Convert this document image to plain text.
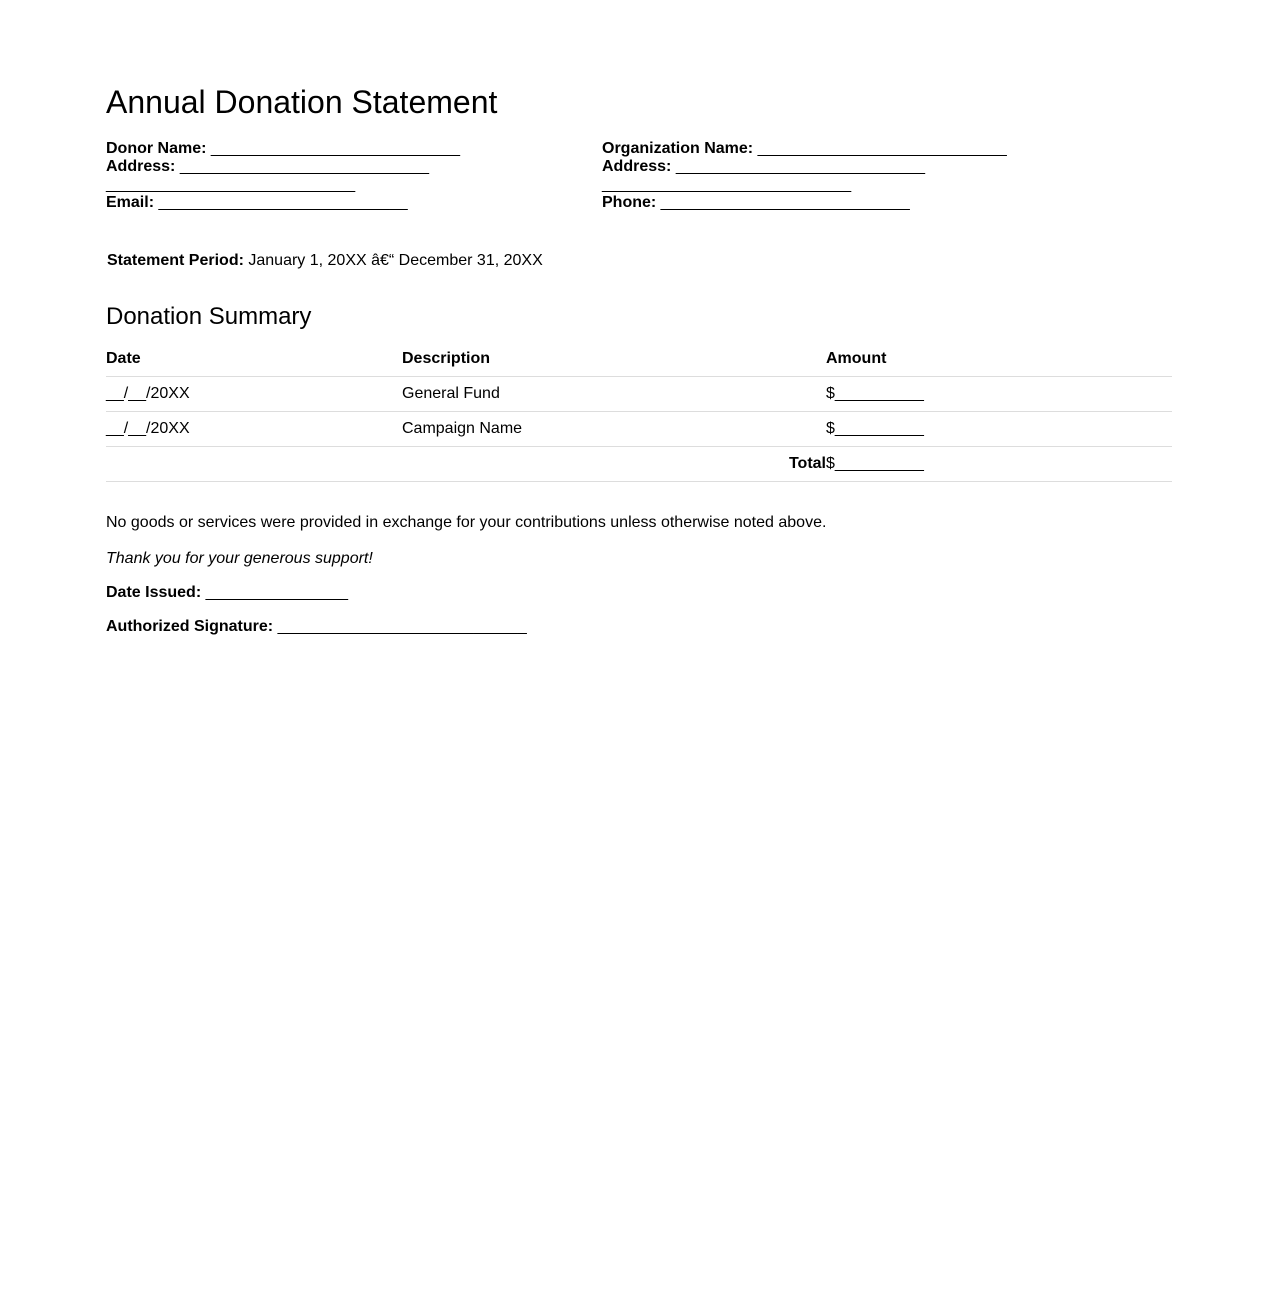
Annual Donation Statement
Donor Name: ____________________________
Address: ____________________________
____________________________
Email: ____________________________
Organization Name: ____________________________
Address: ____________________________
____________________________
Phone: ____________________________
Statement Period: January 1, 20XX â€“ December 31, 20XX
Donation Summary
Date	Description	Amount
__/__/20XX	General Fund	$__________
__/__/20XX	Campaign Name	$__________
	Total	$__________
No goods or services were provided in exchange for your contributions unless otherwise noted above.
Thank you for your generous support!
Date Issued: ________________
Authorized Signature: ____________________________
